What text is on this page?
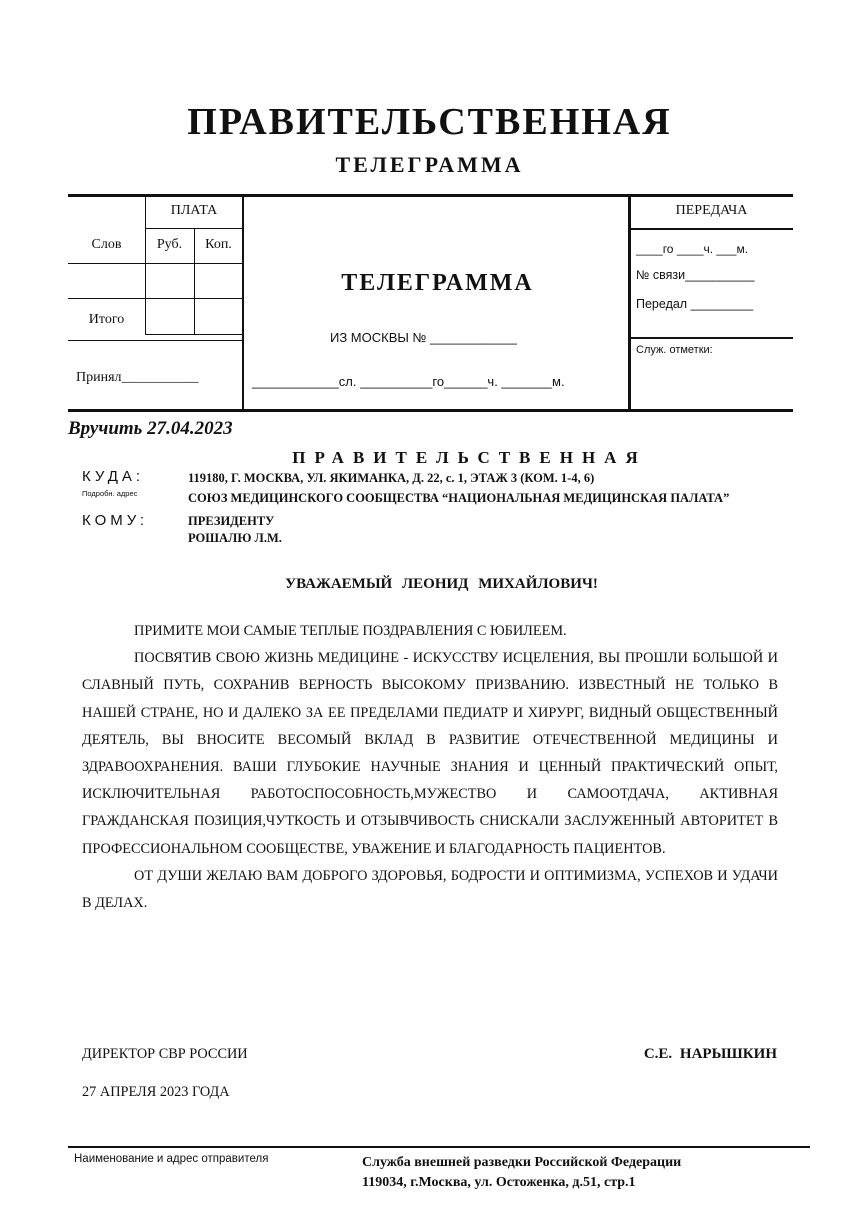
ПРАВИТЕЛЬСТВЕННАЯ
ТЕЛЕГРАММА
ПЛАТА
Слов	Руб.	Коп.
Итого
Принял___________
ТЕЛЕГРАММА
ИЗ МОСКВЫ № ____________
____________сл. __________го______ч. _______м.
ПЕРЕДАЧА
____го ____ч. ___м.
№ связи__________
Передал _________
Служ. отметки:
Вручить 27.04.2023
ПРАВИТЕЛЬСТВЕННАЯ
КУДА:
Подробн. адрес
119180, Г. МОСКВА, УЛ. ЯКИМАНКА, Д. 22, с. 1, ЭТАЖ 3 (КОМ. 1-4, 6)
СОЮЗ МЕДИЦИНСКОГО СООБЩЕСТВА “НАЦИОНАЛЬНАЯ МЕДИЦИНСКАЯ ПАЛАТА”
КОМУ:	ПРЕЗИДЕНТУ
РОШАЛЮ Л.М.
УВАЖАЕМЫЙ ЛЕОНИД МИХАЙЛОВИЧ!

ПРИМИТЕ МОИ САМЫЕ ТЕПЛЫЕ ПОЗДРАВЛЕНИЯ С ЮБИЛЕЕМ.

ПОСВЯТИВ СВОЮ ЖИЗНЬ МЕДИЦИНЕ - ИСКУССТВУ ИСЦЕЛЕНИЯ, ВЫ ПРОШЛИ БОЛЬШОЙ И СЛАВНЫЙ ПУТЬ, СОХРАНИВ ВЕРНОСТЬ ВЫСОКОМУ ПРИЗВАНИЮ. ИЗВЕСТНЫЙ НЕ ТОЛЬКО В НАШЕЙ СТРАНЕ, НО И ДАЛЕКО ЗА ЕЕ ПРЕДЕЛАМИ ПЕДИАТР И ХИРУРГ, ВИДНЫЙ ОБЩЕСТВЕННЫЙ ДЕЯТЕЛЬ, ВЫ ВНОСИТЕ ВЕСОМЫЙ ВКЛАД В РАЗВИТИЕ ОТЕЧЕСТВЕННОЙ МЕДИЦИНЫ И ЗДРАВООХРАНЕНИЯ. ВАШИ ГЛУБОКИЕ НАУЧНЫЕ ЗНАНИЯ И ЦЕННЫЙ ПРАКТИЧЕСКИЙ ОПЫТ, ИСКЛЮЧИТЕЛЬНАЯ РАБОТОСПОСОБНОСТЬ,МУЖЕСТВО И САМООТДАЧА, АКТИВНАЯ ГРАЖДАНСКАЯ ПОЗИЦИЯ,ЧУТКОСТЬ И ОТЗЫВЧИВОСТЬ СНИСКАЛИ ЗАСЛУЖЕННЫЙ АВТОРИТЕТ В ПРОФЕССИОНАЛЬНОМ СООБЩЕСТВЕ, УВАЖЕНИЕ И БЛАГОДАРНОСТЬ ПАЦИЕНТОВ.

ОТ ДУШИ ЖЕЛАЮ ВАМ ДОБРОГО ЗДОРОВЬЯ, БОДРОСТИ И ОПТИМИЗМА, УСПЕХОВ И УДАЧИ В ДЕЛАХ.

ДИРЕКТОР СВР РОССИИ	С.Е. НАРЫШКИН
27 АПРЕЛЯ 2023 ГОДА
Наименование и адрес отправителя	Служба внешней разведки Российской Федерации
119034, г.Москва, ул. Остоженка, д.51, стр.1
